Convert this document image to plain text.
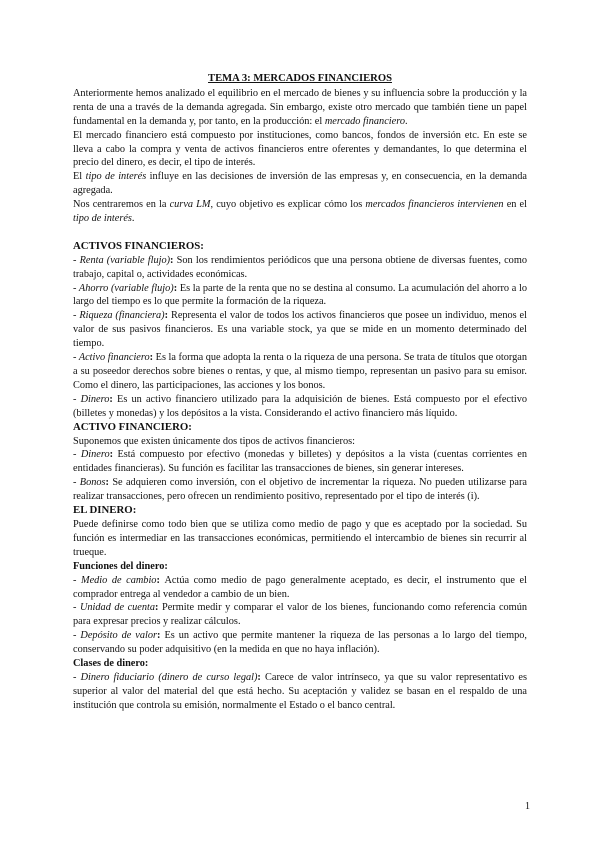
TEMA 3: MERCADOS FINANCIEROS

Anteriormente hemos analizado el equilibrio en el mercado de bienes y su influencia sobre la producción y la renta de una a través de la demanda agregada. Sin embargo, existe otro mercado que también tiene un papel fundamental en la demanda y, por tanto, en la producción: el mercado financiero.

El mercado financiero está compuesto por instituciones, como bancos, fondos de inversión etc. En este se lleva a cabo la compra y venta de activos financieros entre oferentes y demandantes, lo que determina el precio del dinero, es decir, el tipo de interés.

El tipo de interés influye en las decisiones de inversión de las empresas y, en consecuencia, en la demanda agregada.

Nos centraremos en la curva LM, cuyo objetivo es explicar cómo los mercados financieros intervienen en el tipo de interés.

ACTIVOS FINANCIEROS:

- Renta (variable flujo): Son los rendimientos periódicos que una persona obtiene de diversas fuentes, como trabajo, capital o, actividades económicas.

- Ahorro (variable flujo): Es la parte de la renta que no se destina al consumo. La acumulación del ahorro a lo largo del tiempo es lo que permite la formación de la riqueza.

- Riqueza (financiera): Representa el valor de todos los activos financieros que posee un individuo, menos el valor de sus pasivos financieros. Es una variable stock, ya que se mide en un momento determinado del tiempo.

- Activo financiero: Es la forma que adopta la renta o la riqueza de una persona. Se trata de títulos que otorgan a su poseedor derechos sobre bienes o rentas, y que, al mismo tiempo, representan un pasivo para su emisor. Como el dinero, las participaciones, las acciones y los bonos.

- Dinero: Es un activo financiero utilizado para la adquisición de bienes. Está compuesto por el efectivo (billetes y monedas) y los depósitos a la vista. Considerando el activo financiero más líquido.

ACTIVO FINANCIERO:

Suponemos que existen únicamente dos tipos de activos financieros:

- Dinero: Está compuesto por efectivo (monedas y billetes) y depósitos a la vista (cuentas corrientes en entidades financieras). Su función es facilitar las transacciones de bienes, sin generar intereses.

- Bonos: Se adquieren como inversión, con el objetivo de incrementar la riqueza. No pueden utilizarse para realizar transacciones, pero ofrecen un rendimiento positivo, representado por el tipo de interés (i).

EL DINERO:

Puede definirse como todo bien que se utiliza como medio de pago y que es aceptado por la sociedad. Su función es intermediar en las transacciones económicas, permitiendo el intercambio de bienes sin recurrir al trueque.

Funciones del dinero:

- Medio de cambio: Actúa como medio de pago generalmente aceptado, es decir, el instrumento que el comprador entrega al vendedor a cambio de un bien.

- Unidad de cuenta: Permite medir y comparar el valor de los bienes, funcionando como referencia común para expresar precios y realizar cálculos.

- Depósito de valor: Es un activo que permite mantener la riqueza de las personas a lo largo del tiempo, conservando su poder adquisitivo (en la medida en que no haya inflación).

Clases de dinero:

- Dinero fiduciario (dinero de curso legal): Carece de valor intrínseco, ya que su valor representativo es superior al valor del material del que está hecho. Su aceptación y validez se basan en el respaldo de una institución que controla su emisión, normalmente el Estado o el banco central.

1
